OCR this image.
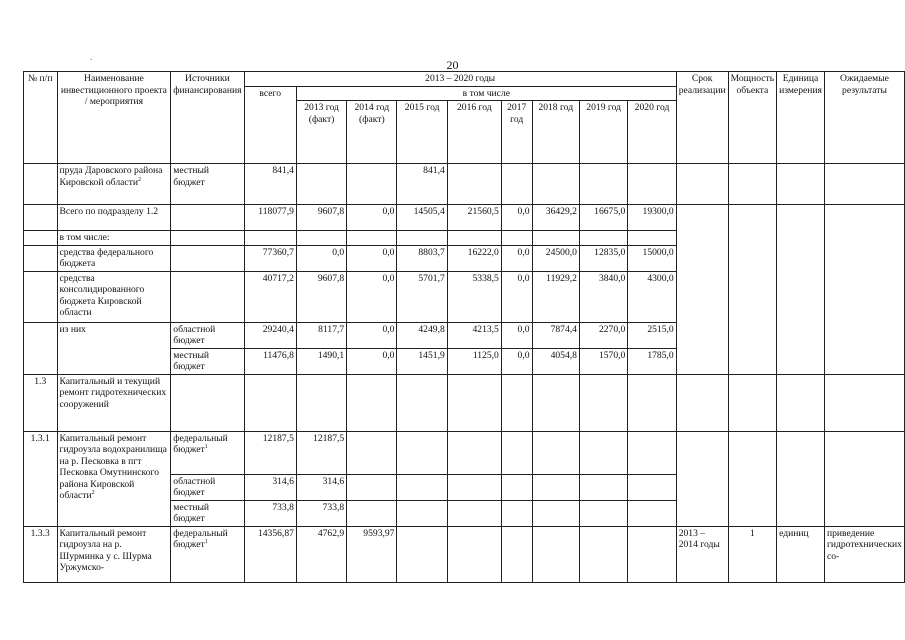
20
.
№ п/п	Наименование инвестиционного проекта / мероприятия	Источники финансирования	2013 – 2020 годы									Срок реализации	Мощность объекта	Единица измерения	Ожидаемые результаты
			всего	в том числе											
				2013 год (факт)	2014 год (факт)	2015 год	2016 год	2017 год	2018 год	2019 год	2020 год				
	пруда Даровского района Кировской области$^2$	местный бюджет	841,4			841,4									
	Всего по подразделу 1.2		118077,9	9607,8	0,0	14505,4	21560,5	0,0	36429,2	16675,0	19300,0				
	в том числе:														
	средства федерального бюджета		77360,7	0,0	0,0	8803,7	16222,0	0,0	24500,0	12835,0	15000,0				
	средства консолидированного бюджета Кировской области		40717,2	9607,8	0,0	5701,7	5338,5	0,0	11929,2	3840,0	4300,0				
	из них	областной бюджет	29240,4	8117,7	0,0	4249,8	4213,5	0,0	7874,4	2270,0	2515,0				
		местный бюджет	11476,8	1490,1	0,0	1451,9	1125,0	0,0	4054,8	1570,0	1785,0				
1.3	Капитальный и текущий ремонт гидротехнических сооружений														
1.3.1	Капитальный ремонт гидроузла водохранилища на р. Песковка в пгт Песковка Омутнинского района Кировской области$^2$	федеральный бюджет$^1$	12187,5	12187,5											
		областной бюджет	314,6	314,6											
		местный бюджет	733,8	733,8											
1.3.3	Капитальный ремонт гидроузла на р. Шурминка у с. Шурма Уржумско-	федеральный бюджет$^1$	14356,87	4762,9	9593,97							2013 – 2014 годы	1	единиц	приведение гидротехнических со-
